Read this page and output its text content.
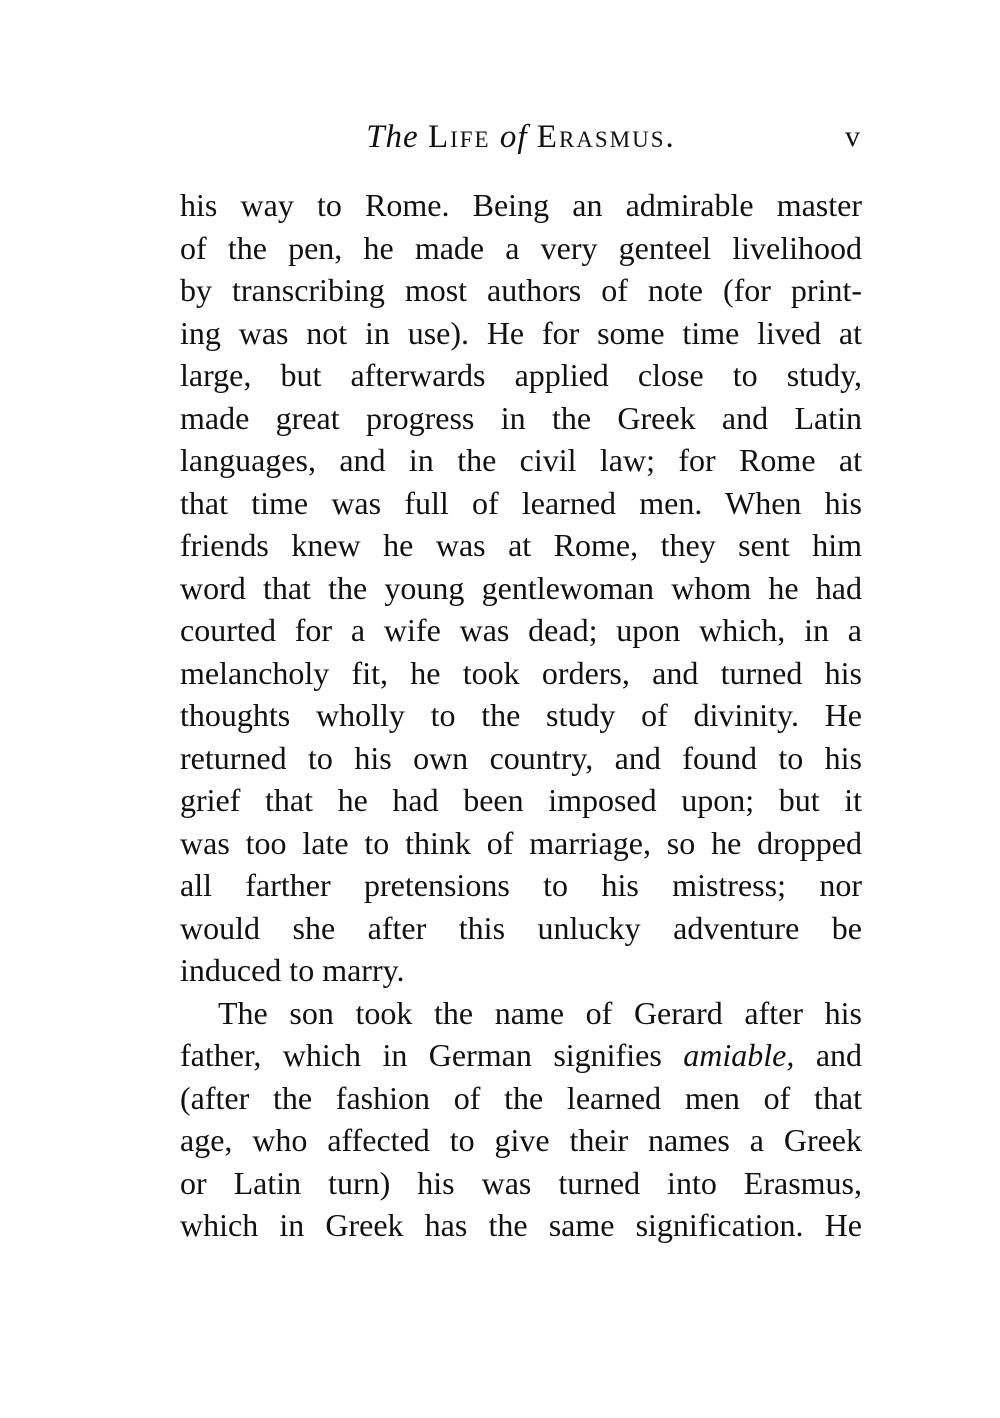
The Life of Erasmus.	v
his way to Rome. Being an admirable master
of the pen, he made a very genteel livelihood
by transcribing most authors of note (for print-
ing was not in use). He for some time lived at
large, but afterwards applied close to study,
made great progress in the Greek and Latin
languages, and in the civil law; for Rome at
that time was full of learned men. When his
friends knew he was at Rome, they sent him
word that the young gentlewoman whom he had
courted for a wife was dead; upon which, in a
melancholy fit, he took orders, and turned his
thoughts wholly to the study of divinity. He
returned to his own country, and found to his
grief that he had been imposed upon; but it
was too late to think of marriage, so he dropped
all farther pretensions to his mistress; nor
would she after this unlucky adventure be
induced to marry.
The son took the name of Gerard after his
father, which in German signifies amiable, and
(after the fashion of the learned men of that
age, who affected to give their names a Greek
or Latin turn) his was turned into Erasmus,
which in Greek has the same signification. He
